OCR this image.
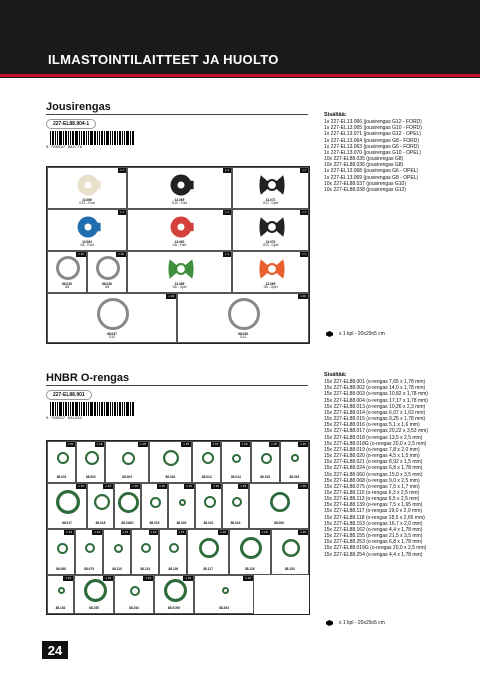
ILMASTOINTILAITTEET JA HUOLTO
Jousirengas
227-EL88.904-1
0 760597 962776
x 1
13.066
G12 - Ford
x 1
13.065
G10 - Ford
x 1
13.071
G12 - Opel
x 1
13.064
G8 - Ford
x 1
13.063
G6 - Ford
x 1
13.070
G10 - Opel
x 10
88.035
G8
x 10
88.036
G8
x 1
13.068
G6 - Opel
x 1
13.069
G8 - Opel
x 10
88.037
G10
x 10
88.038
G12
Sisältää:
1x 227-EL13.066 (jousirengas G12 - FORD)
1x 227-EL13.065 (jousirengas G10 - FORD)
1x 227-EL13.071 (jousirengas G12 - OPEL)
1x 227-EL13.064 (jousirengas G8 - FORD)
1x 227-EL13.063 (jousirengas G6 - FORD)
1x 227-EL13.070 (jousirengas G10 - OPEL)
10x 227-EL88.035 (jousirengas G8)
10x 227-EL88.036 (jousirengas G8)
1x 227-EL13.068 (jousirengas G6 - OPEL)
1x 227-EL13.069 (jousirengas G8 - OPEL)
10x 227-EL88.037 (jousirengas G10)
10x 227-EL88.038 (jousirengas G12)
x 1 kpl - 20x29x5 cm
HNBR O-rengas
227-EL88.901
0 760597 921291
x 15
88.001
x 15
88.002
x 15
88.003
x 15
88.004
x 15
88.013
x 15
88.014
x 15
88.015
x 15
88.016
x 15
88.017
x 15
88.018
x 15
88.018G
x 15
88.019
x 15
88.020
x 15
88.021
x 15
88.024
x 15
88.060
x 15
88.068
x 15
88.075
x 15
88.110
x 15
88.113
x 15
88.139
x 15
88.117
x 15
88.118
x 15
88.153
x 15
88.162
x 15
88.155
x 15
88.253
x 15
88.019G
x 15
88.254
Sisältää:
15x 227-EL88.001 (o-rengas 7,65 x 1,78 mm)
15x 227-EL88.002 (o-rengas 14,0 x 1,78 mm)
15x 227-EL88.003 (o-rengas 10,82 x 1,78 mm)
15x 227-EL88.004 (o-rengas 17,17 x 1,78 mm)
15x 227-EL88.013 (o-rengas 10,26 x 2,3 mm)
15x 227-EL88.014 (o-rengas 6,07 x 1,63 mm)
15x 227-EL88.015 (o-rengas 9,25 x 1,78 mm)
15x 227-EL88.016 (o-rengas 5,1 x 1,6 mm)
15x 227-EL88.017 (o-rengas 20,22 x 3,53 mm)
15x 227-EL88.018 (o-rengas 13,5 x 2,5 mm)
15x 227-EL88.018G (o-rengas 20,0 x 2,5 mm)
15x 227-EL88.019 (o-rengas 7,8 x 2,0 mm)
15x 227-EL88.020 (o-rengas 4,5 x 1,5 mm)
15x 227-EL88.021 (o-rengas 8,92 x 1,5 mm)
15x 227-EL88.024 (o-rengas 6,8 x 1,78 mm)
15x 227-EL88.060 (o-rengas 15,0 x 3,5 mm)
15x 227-EL88.068 (o-rengas 9,0 x 2,5 mm)
15x 227-EL88.075 (o-rengas 7,5 x 1,7 mm)
15x 227-EL88.110 (o-rengas 6,3 x 2,5 mm)
15x 227-EL88.113 (o-rengas 6,5 x 2,5 mm)
15x 227-EL88.139 (o-rengas 7,5 x 1,65 mm)
15x 227-EL88.117 (o-rengas 19,0 x 2,0 mm)
15x 227-EL88.118 (o-rengas 18,5 x 2,65 mm)
15x 227-EL88.153 (o-rengas 16,7 x 2,0 mm)
15x 227-EL88.162 (o-rengas 4,4 x 1,78 mm)
15x 227-EL88.155 (o-rengas 21,5 x 3,5 mm)
15x 227-EL88.253 (o-rengas 6,8 x 1,78 mm)
15x 227-EL88.019G (o-rengas 20,0 x 2,5 mm)
15x 227-EL88.254 (o-rengas 4,4 x 1,78 mm)
x 1 kpl - 20x29x5 cm
24
